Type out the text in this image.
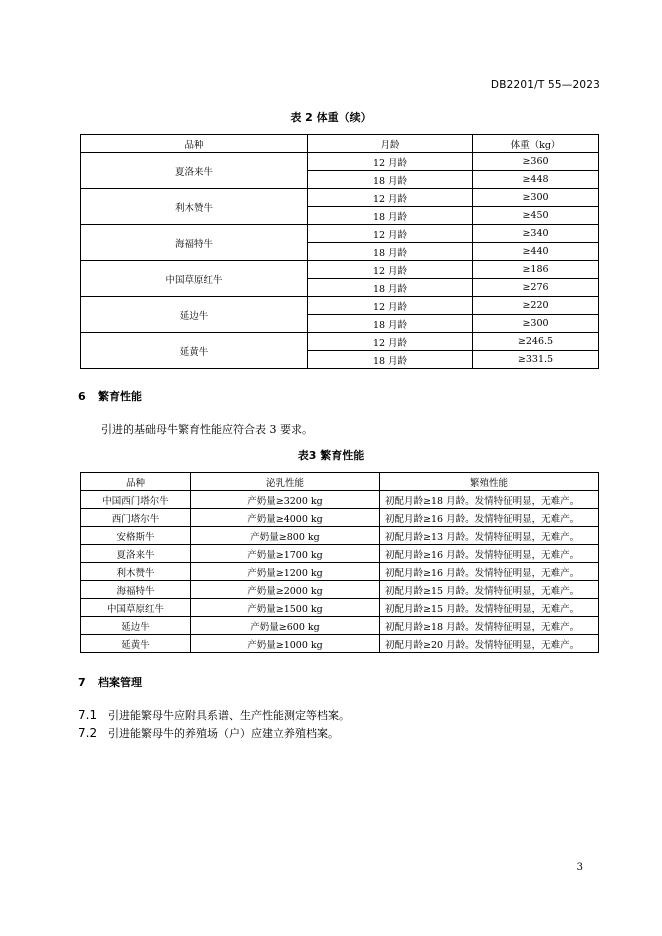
DB2201/T 55—2023
表 2 体重（续）
品种	月龄	体重（kg）
夏洛来牛	12 月龄	≥360
	18 月龄	≥448
利木赞牛	12 月龄	≥300
	18 月龄	≥450
海福特牛	12 月龄	≥340
	18 月龄	≥440
中国草原红牛	12 月龄	≥186
	18 月龄	≥276
延边牛	12 月龄	≥220
	18 月龄	≥300
延黄牛	12 月龄	≥246.5
	18 月龄	≥331.5
6 繁育性能
引进的基础母牛繁育性能应符合表 3 要求。
表3 繁育性能
品种	泌乳性能	繁殖性能
中国西门塔尔牛	产奶量≥3200 kg	初配月龄≥18 月龄。发情特征明显，无难产。
西门塔尔牛	产奶量≥4000 kg	初配月龄≥16 月龄。发情特征明显，无难产。
安格斯牛	产奶量≥800 kg	初配月龄≥13 月龄。发情特征明显，无难产。
夏洛来牛	产奶量≥1700 kg	初配月龄≥16 月龄。发情特征明显，无难产。
利木赞牛	产奶量≥1200 kg	初配月龄≥16 月龄。发情特征明显，无难产。
海福特牛	产奶量≥2000 kg	初配月龄≥15 月龄。发情特征明显，无难产。
中国草原红牛	产奶量≥1500 kg	初配月龄≥15 月龄。发情特征明显，无难产。
延边牛	产奶量≥600 kg	初配月龄≥18 月龄。发情特征明显，无难产。
延黄牛	产奶量≥1000 kg	初配月龄≥20 月龄。发情特征明显，无难产。
7 档案管理
7.1 引进能繁母牛应附具系谱、生产性能测定等档案。
7.2 引进能繁母牛的养殖场（户）应建立养殖档案。
3
